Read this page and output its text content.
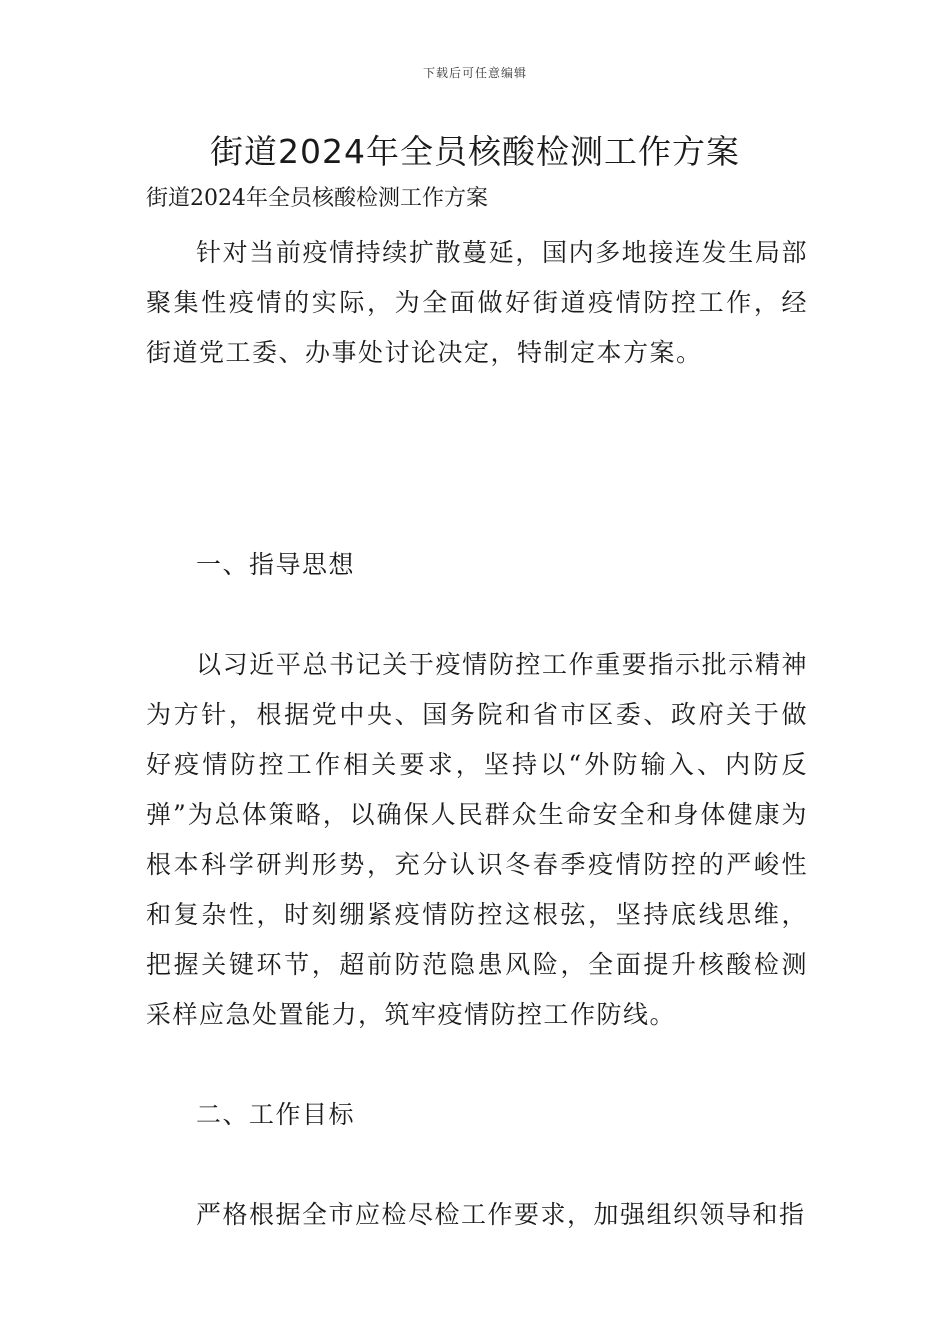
下载后可任意编辑
街道2024年全员核酸检测工作方案

街道2024年全员核酸检测工作方案

针对当前疫情持续扩散蔓延，国内多地接连发生局部聚集性疫情的实际，为全面做好街道疫情防控工作，经街道党工委、办事处讨论决定，特制定本方案。

一、指导思想

以习近平总书记关于疫情防控工作重要指示批示精神为方针，根据党中央、国务院和省市区委、政府关于做好疫情防控工作相关要求，坚持以“外防输入、内防反弹”为总体策略，以确保人民群众生命安全和身体健康为根本科学研判形势，充分认识冬春季疫情防控的严峻性和复杂性，时刻绷紧疫情防控这根弦，坚持底线思维，把握关键环节，超前防范隐患风险，全面提升核酸检测采样应急处置能力，筑牢疫情防控工作防线。

二、工作目标

严格根据全市应检尽检工作要求，加强组织领导和指
